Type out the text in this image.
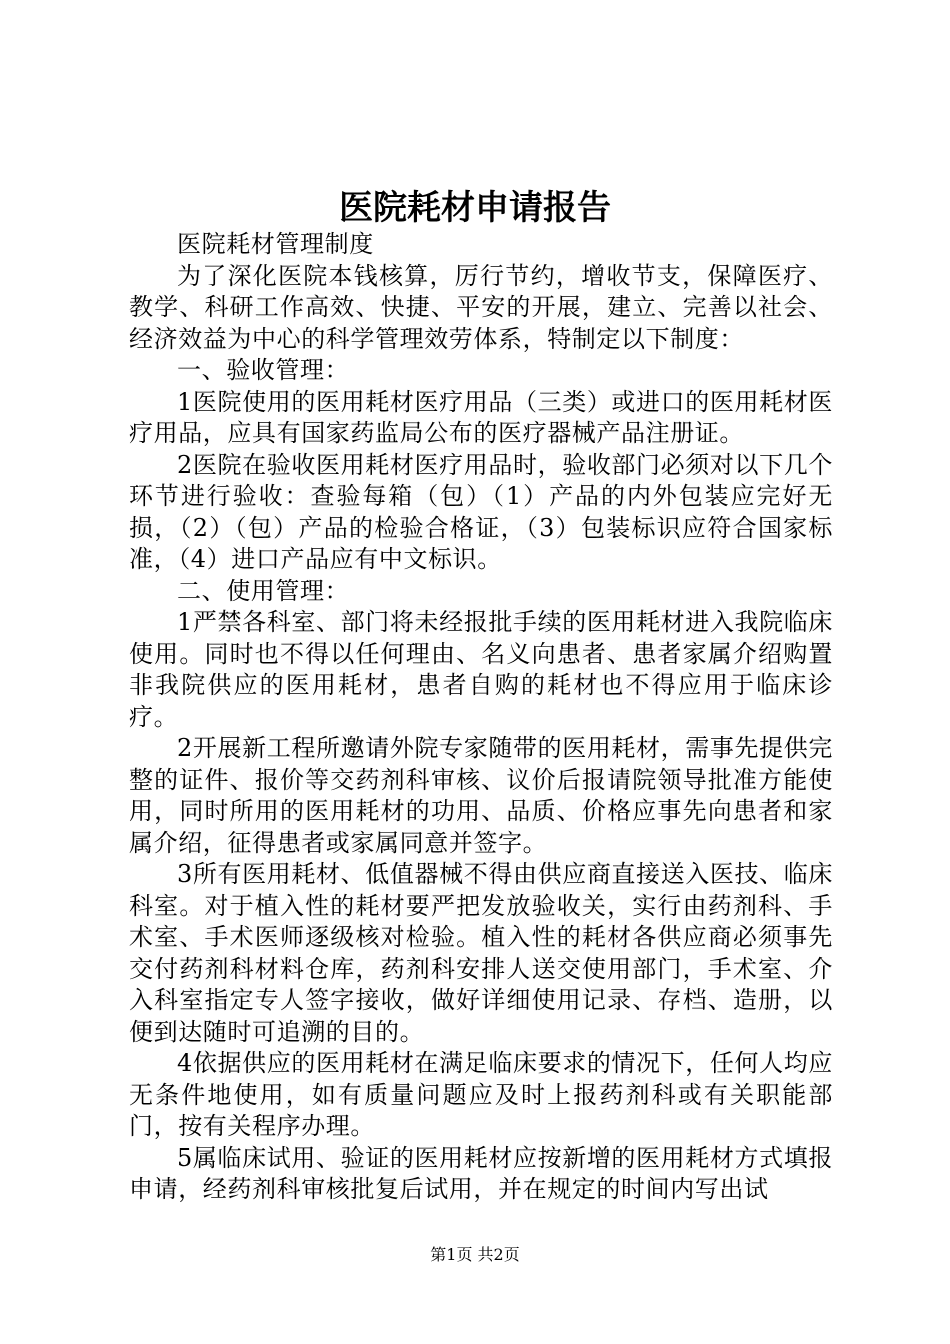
医院耗材申请报告

医院耗材管理制度

为了深化医院本钱核算，厉行节约，增收节支，保障医疗、教学、科研工作高效、快捷、平安的开展，建立、完善以社会、经济效益为中心的科学管理效劳体系，特制定以下制度：

一、验收管理：

1医院使用的医用耗材医疗用品（三类）或进口的医用耗材医疗用品，应具有国家药监局公布的医疗器械产品注册证。

2医院在验收医用耗材医疗用品时，验收部门必须对以下几个环节进行验收：查验每箱（包）（1）产品的内外包装应完好无损，（2）（包）产品的检验合格证，（3）包装标识应符合国家标准，（4）进口产品应有中文标识。

二、使用管理：

1严禁各科室、部门将未经报批手续的医用耗材进入我院临床使用。同时也不得以任何理由、名义向患者、患者家属介绍购置非我院供应的医用耗材，患者自购的耗材也不得应用于临床诊疗。

2开展新工程所邀请外院专家随带的医用耗材，需事先提供完整的证件、报价等交药剂科审核、议价后报请院领导批准方能使用，同时所用的医用耗材的功用、品质、价格应事先向患者和家属介绍，征得患者或家属同意并签字。

3所有医用耗材、低值器械不得由供应商直接送入医技、临床科室。对于植入性的耗材要严把发放验收关，实行由药剂科、手术室、手术医师逐级核对检验。植入性的耗材各供应商必须事先交付药剂科材料仓库，药剂科安排人送交使用部门，手术室、介入科室指定专人签字接收，做好详细使用记录、存档、造册，以便到达随时可追溯的目的。

4依据供应的医用耗材在满足临床要求的情况下，任何人均应无条件地使用，如有质量问题应及时上报药剂科或有关职能部门，按有关程序办理。

5属临床试用、验证的医用耗材应按新增的医用耗材方式填报申请，经药剂科审核批复后试用，并在规定的时间内写出试

第1页 共2页
